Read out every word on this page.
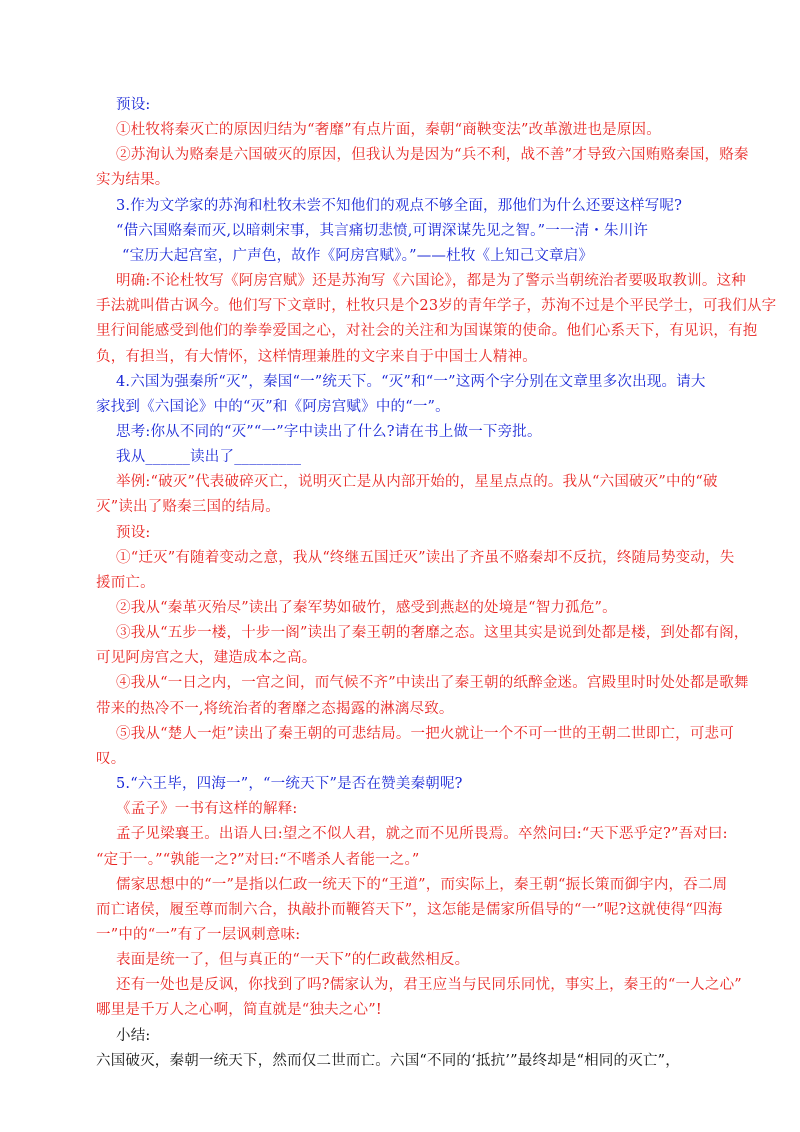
预设:
①杜牧将秦灭亡的原因归结为“奢靡”有点片面，秦朝“商鞅变法”改革激进也是原因。
②苏洵认为赂秦是六国破灭的原因，但我认为是因为“兵不利，战不善”才导致六国贿赂秦国，赂秦
实为结果。
3.作为文学家的苏洵和杜牧未尝不知他们的观点不够全面，那他们为什么还要这样写呢?
“借六国赂秦而灭,以暗刺宋事，其言痛切悲愤,可谓深谋先见之智。”一一清・朱川许
“宝历大起宫室，广声色，故作《阿房宫赋》。”——杜牧《上知己文章启》
明确:不论杜牧写《阿房宫赋》还是苏洵写《六国论》，都是为了警示当朝统治者要吸取教训。这种
手法就叫借古讽今。他们写下文章时，杜牧只是个23岁的青年学子，苏洵不过是个平民学士，可我们从字
里行间能感受到他们的拳拳爱国之心，对社会的关注和为国谋策的使命。他们心系天下，有见识，有抱
负，有担当，有大情怀，这样情理兼胜的文字来自于中国士人精神。
4.六国为强秦所“灭”，秦国“一”统天下。“灭”和“一”这两个字分别在文章里多次出现。请大
家找到《六国论》中的“灭”和《阿房宫赋》中的“一”。
思考:你从不同的“灭”“一”字中读出了什么?请在书上做一下旁批。
我从______读出了_________
举例:“破灭”代表破碎灭亡，说明灭亡是从内部开始的，星星点点的。我从“六国破灭”中的“破
灭”读出了赂秦三国的结局。
预设:
①“迁灭”有随着变动之意，我从“终继五国迁灭”读出了齐虽不赂秦却不反抗，终随局势变动，失
援而亡。
②我从“秦革灭殆尽”读出了秦军势如破竹，感受到燕赵的处境是“智力孤危”。
③我从“五步一楼，十步一阁”读出了秦王朝的奢靡之态。这里其实是说到处都是楼，到处都有阁，
可见阿房宫之大，建造成本之高。
④我从“一日之内，一宫之间，而气候不齐”中读出了秦王朝的纸醉金迷。宫殿里时时处处都是歌舞
带来的热冷不一,将统治者的奢靡之态揭露的淋漓尽致。
⑤我从“楚人一炬”读出了秦王朝的可悲结局。一把火就让一个不可一世的王朝二世即亡，可悲可
叹。
5.“六王毕，四海一”，“一统天下”是否在赞美秦朝呢?
《孟子》一书有这样的解释:
孟子见梁襄王。出语人曰:望之不似人君，就之而不见所畏焉。卒然问曰:“天下恶乎定?”吾对曰:
“定于一。”“孰能一之?”对曰:“不嗜杀人者能一之。”
儒家思想中的“一”是指以仁政一统天下的“王道”，而实际上，秦王朝“振长策而御宇内，吞二周
而亡诸侯，履至尊而制六合，执敲扑而鞭笞天下”，这怎能是儒家所倡导的“一”呢?这就使得“四海
一”中的“一”有了一层讽刺意味:
表面是统一了，但与真正的“一天下”的仁政截然相反。
还有一处也是反讽，你找到了吗?儒家认为，君王应当与民同乐同忧，事实上，秦王的“一人之心”
哪里是千万人之心啊，简直就是“独夫之心”!
小结:
六国破灭，秦朝一统天下，然而仅二世而亡。六国“不同的‘抵抗’”最终却是“相同的灭亡”，
